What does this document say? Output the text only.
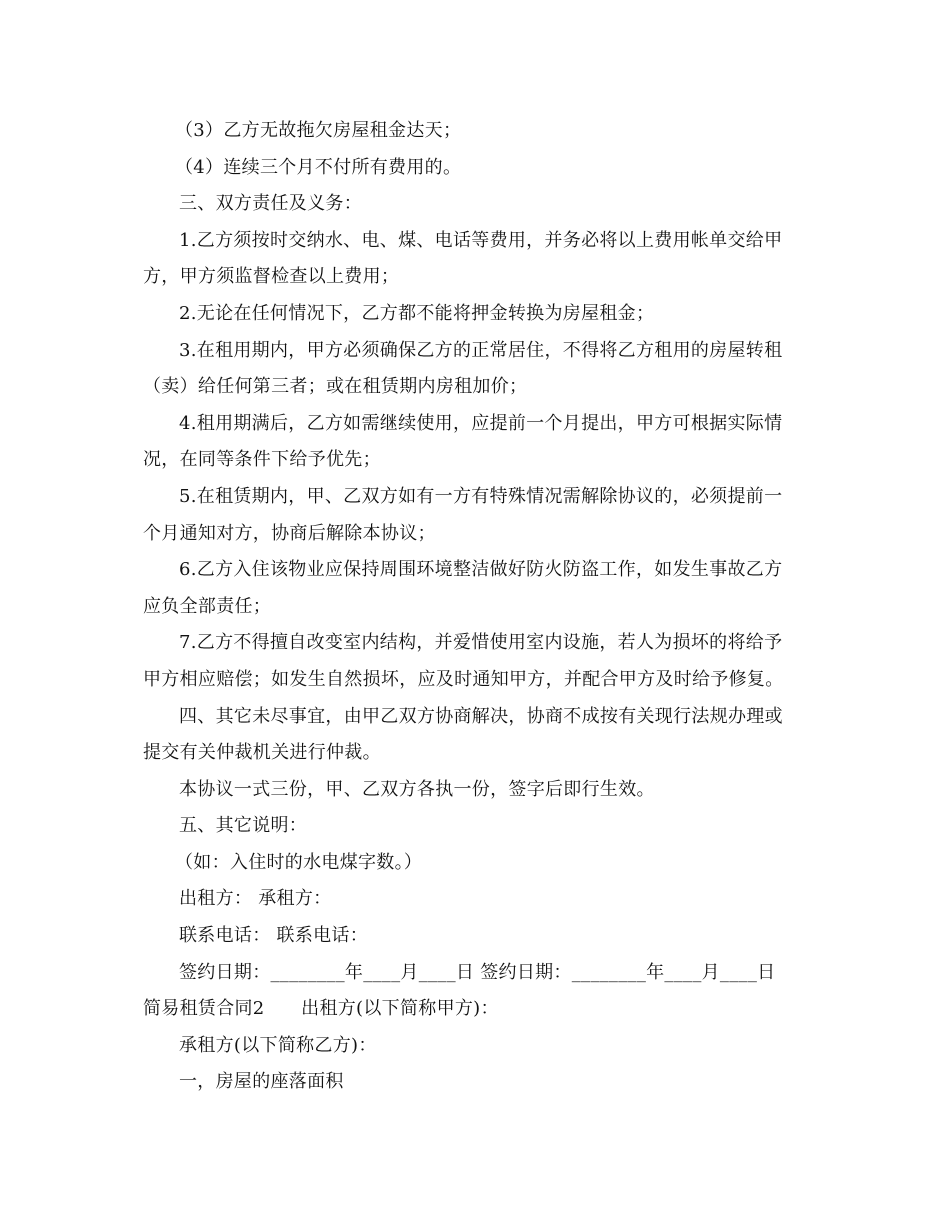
（3）乙方无故拖欠房屋租金达天；
（4）连续三个月不付所有费用的。
三、双方责任及义务：
1.乙方须按时交纳水、电、煤、电话等费用，并务必将以上费用帐单交给甲
方，甲方须监督检查以上费用；
2.无论在任何情况下，乙方都不能将押金转换为房屋租金；
3.在租用期内，甲方必须确保乙方的正常居住，不得将乙方租用的房屋转租
（卖）给任何第三者；或在租赁期内房租加价；
4.租用期满后，乙方如需继续使用，应提前一个月提出，甲方可根据实际情
况，在同等条件下给予优先；
5.在租赁期内，甲、乙双方如有一方有特殊情况需解除协议的，必须提前一
个月通知对方，协商后解除本协议；
6.乙方入住该物业应保持周围环境整洁做好防火防盗工作，如发生事故乙方
应负全部责任；
7.乙方不得擅自改变室内结构，并爱惜使用室内设施，若人为损坏的将给予
甲方相应赔偿；如发生自然损坏，应及时通知甲方，并配合甲方及时给予修复。
四、其它未尽事宜，由甲乙双方协商解决，协商不成按有关现行法规办理或
提交有关仲裁机关进行仲裁。
本协议一式三份，甲、乙双方各执一份，签字后即行生效。
五、其它说明：
（如：入住时的水电煤字数。）
出租方： 承租方：
联系电话： 联系电话：
签约日期：________年____月____日 签约日期：________年____月____日
简易租赁合同2　　出租方(以下简称甲方)：
承租方(以下简称乙方)：
一，房屋的座落面积
